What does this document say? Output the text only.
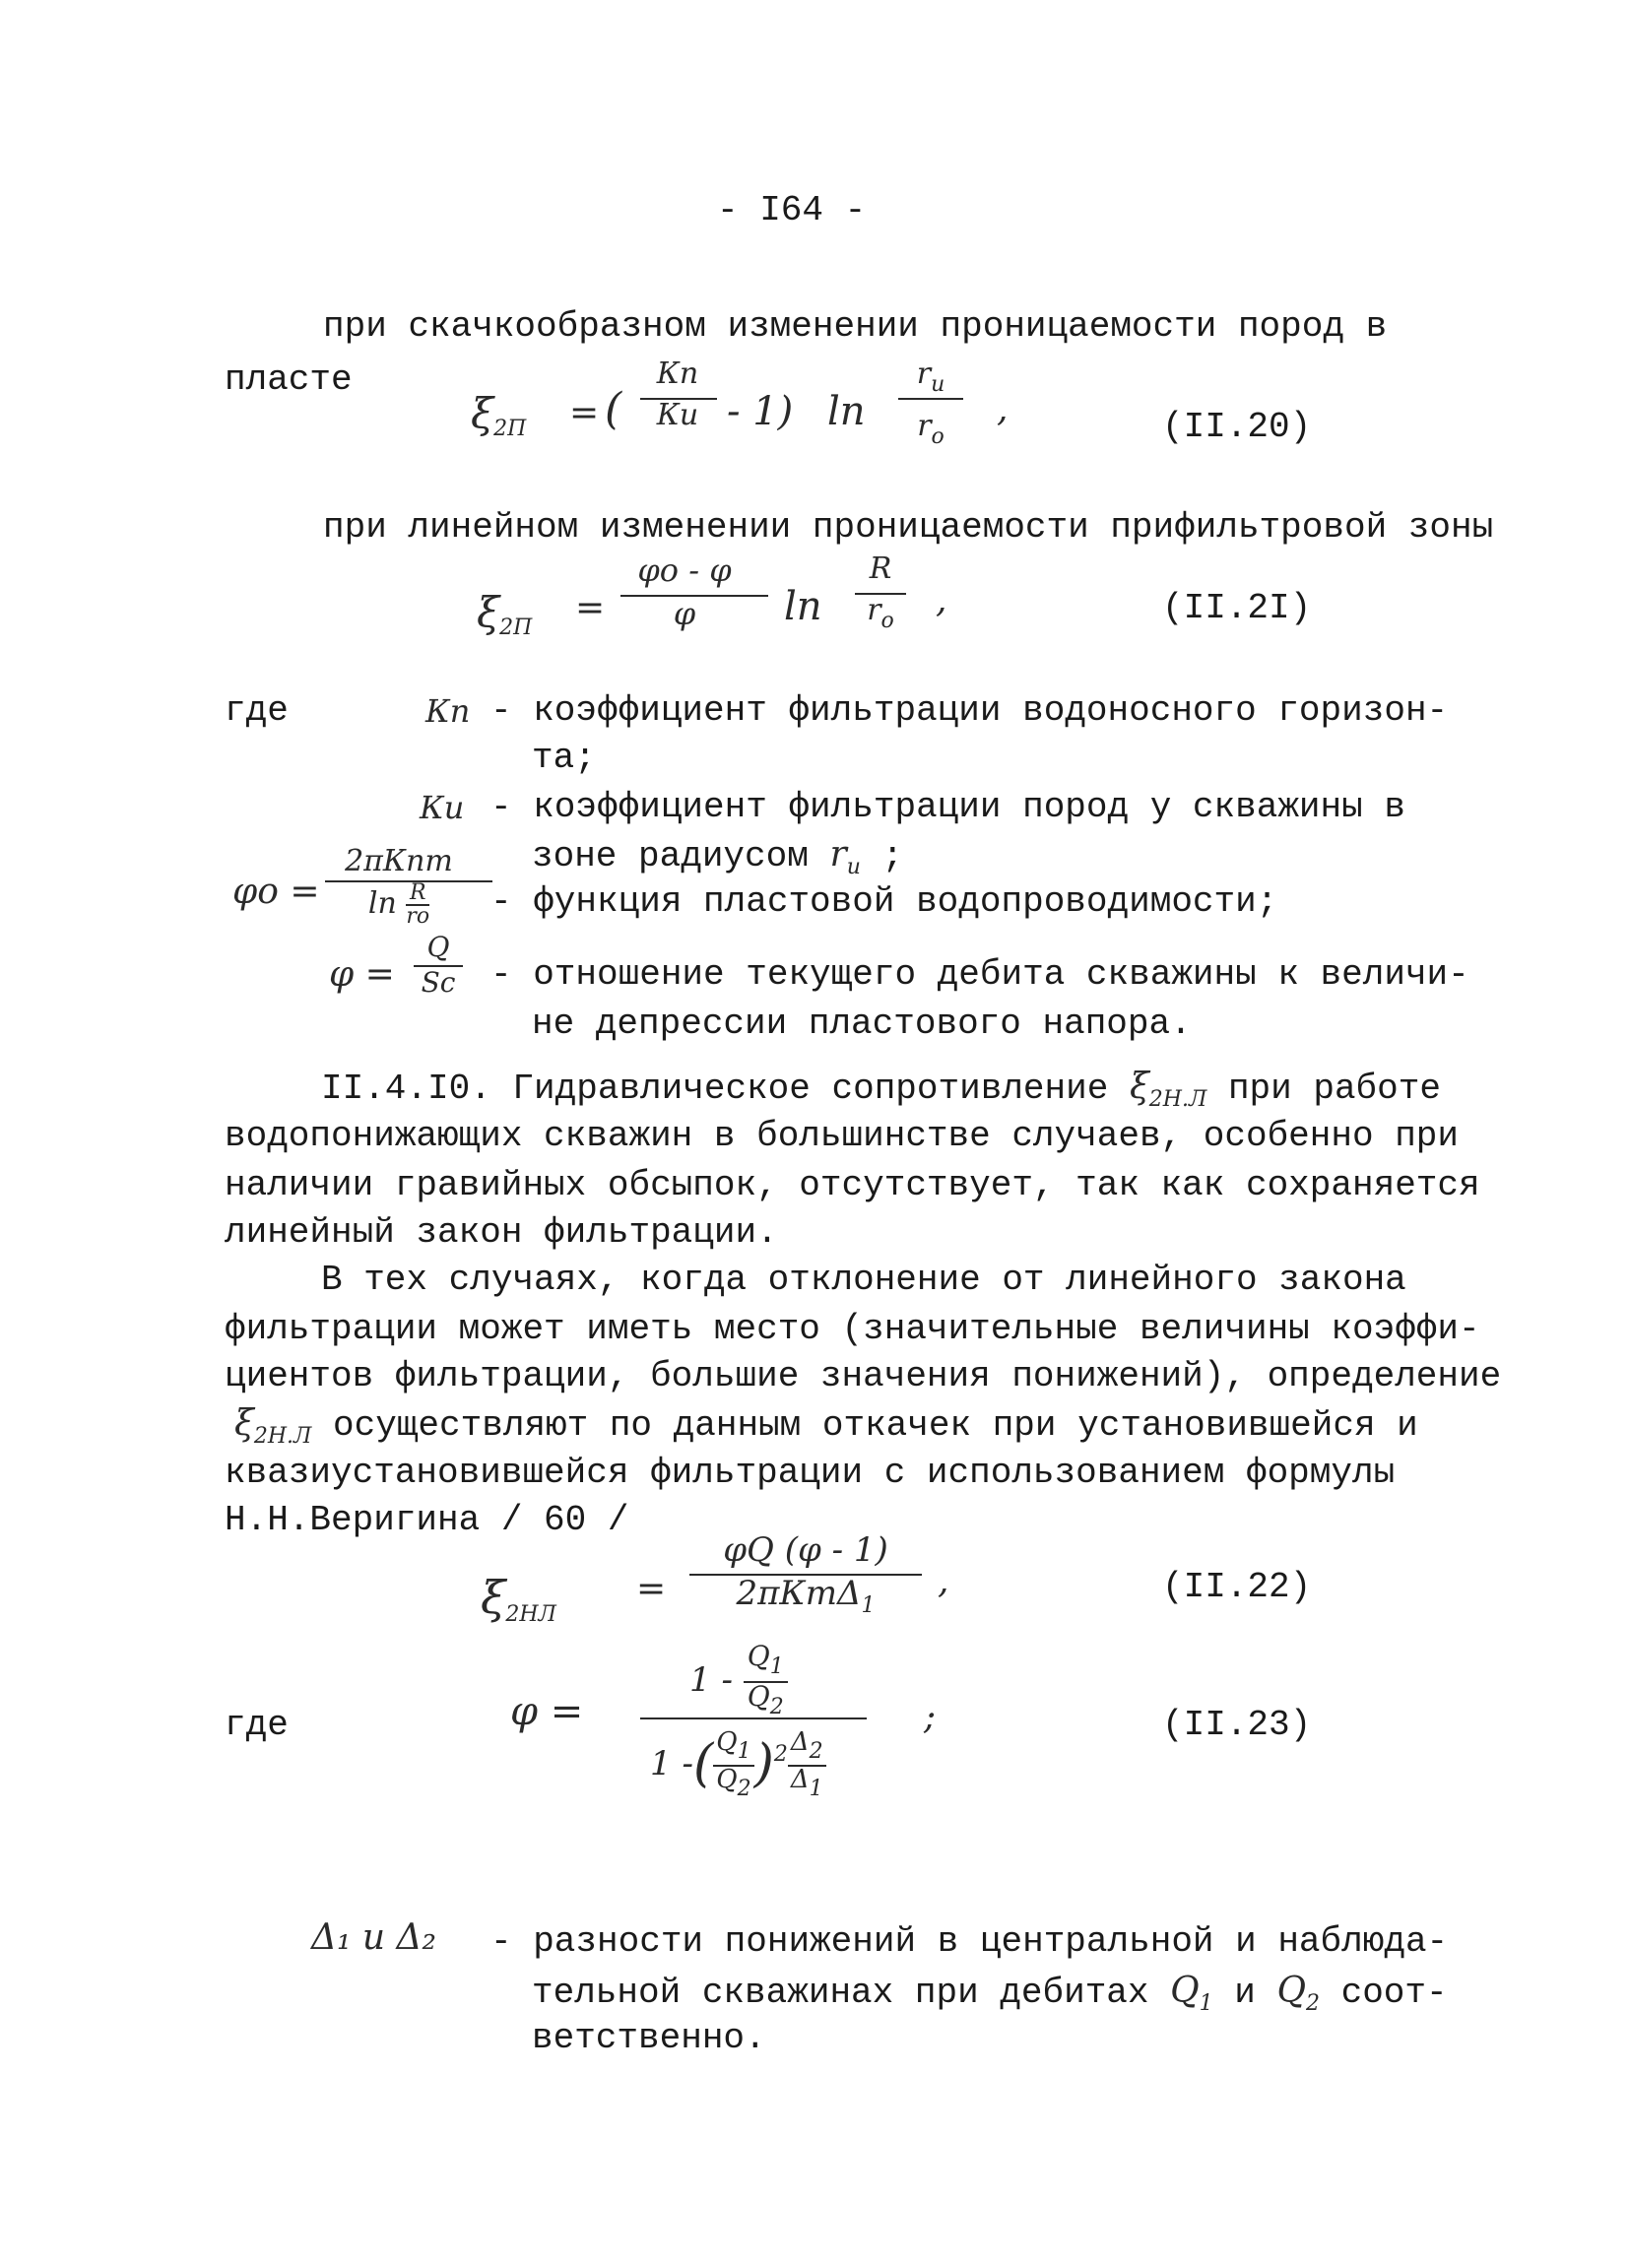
- I64 -
при скачкообразном изменении проницаемости пород в
пласте
$\xi_{2П}$ = (
Кп
Ки - 1) ln
$r_и$
$r_o$
,	(II.20)
при линейном изменении проницаемости прифильтровой зоны
$\xi_{2П}$ =
φo - φ
φ	ln
R
$r_o$
,	(II.2I)
где	Кп - коэффициент фильтрации водоносного горизон-
та;
Ки - коэффициент фильтрации пород у скважины в
зоне радиусом $r_и$ ;
φo =
2πКпm
$\ln \frac{R}{ro}$ - функция пластовой водопроводимости;
φ =
Q
Sc - отношение текущего дебита скважины к величи-
не депрессии пластового напора.
II.4.I0. Гидравлическое сопротивление $\xi_{2Н.Л}$ при работе
водопонижающих скважин в большинстве случаев, особенно при
наличии гравийных обсыпок, отсутствует, так как сохраняется
линейный закон фильтрации.
В тех случаях, когда отклонение от линейного закона
фильтрации может иметь место (значительные величины коэффи-
циентов фильтрации, большие значения понижений), определение
$\xi_{2Н.Л}$ осуществляют по данным откачек при установившейся и
квазиустановившейся фильтрации с использованием формулы
Н.Н.Веригина / 60 /
$\xi_{2НЛ}$
=
φQ (φ - 1)
2πКmΔ$_1$
,	(II.22)
где	φ =
$1 - \frac{Q_1}{Q_2}$
1 -( $\frac{Q_1}{Q_2} )^2 \frac{\Delta_2}{\Delta_1}$
;	(II.23)
Δ₁ и Δ₂ - разности понижений в центральной и наблюда-
тельной скважинах при дебитах $Q_1$ и $Q_2$ соот-
ветственно.
